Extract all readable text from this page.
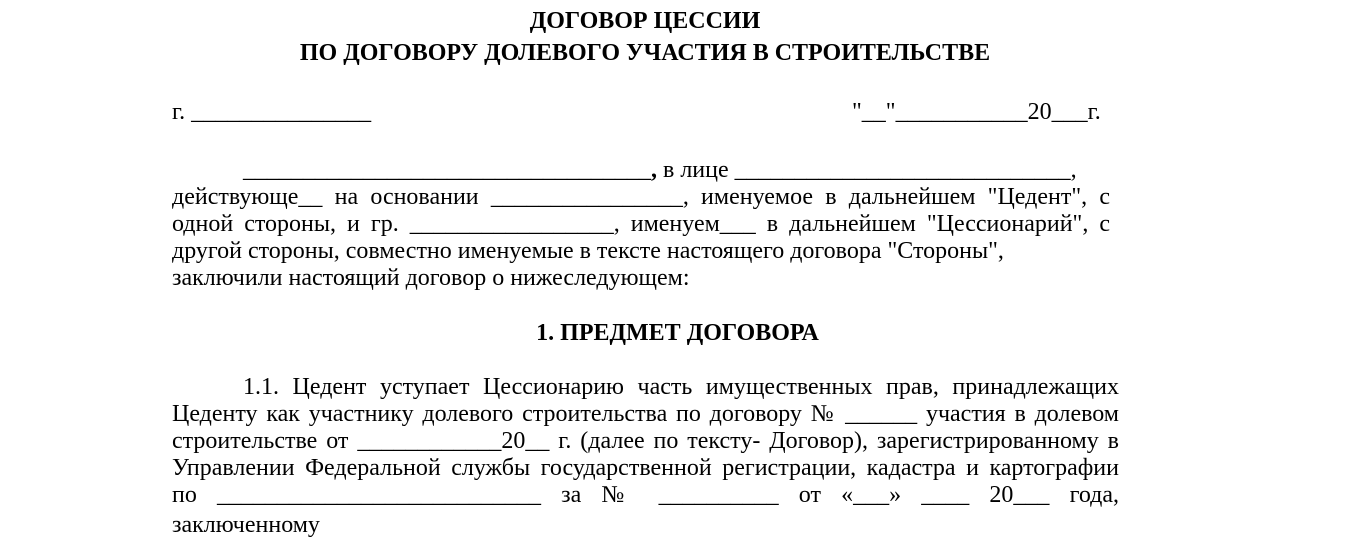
ДОГОВОР ЦЕССИИ
ПО ДОГОВОРУ ДОЛЕВОГО УЧАСТИЯ В СТРОИТЕЛЬСТВЕ
г. _______________	"__"___________20___г.
__________________________________, в лице ____________________________,
действующе__ на основании ________________, именуемое в дальнейшем "Цедент", с
одной стороны, и гр. _________________, именуем___ в дальнейшем "Цессионарий", с
другой стороны, совместно именуемые в тексте настоящего договора "Стороны",
заключили настоящий договор о нижеследующем:
1. ПРЕДМЕТ ДОГОВОРА
1.1. Цедент уступает Цессионарию часть имущественных прав, принадлежащих
Цеденту как участнику долевого строительства по договору № ______ участия в долевом
строительстве от ____________20__ г. (далее по тексту- Договор), зарегистрированному в
Управлении Федеральной службы государственной регистрации, кадастра и картографии
по ___________________________ за № __________ от «___» ____ 20___ года, заключенному
